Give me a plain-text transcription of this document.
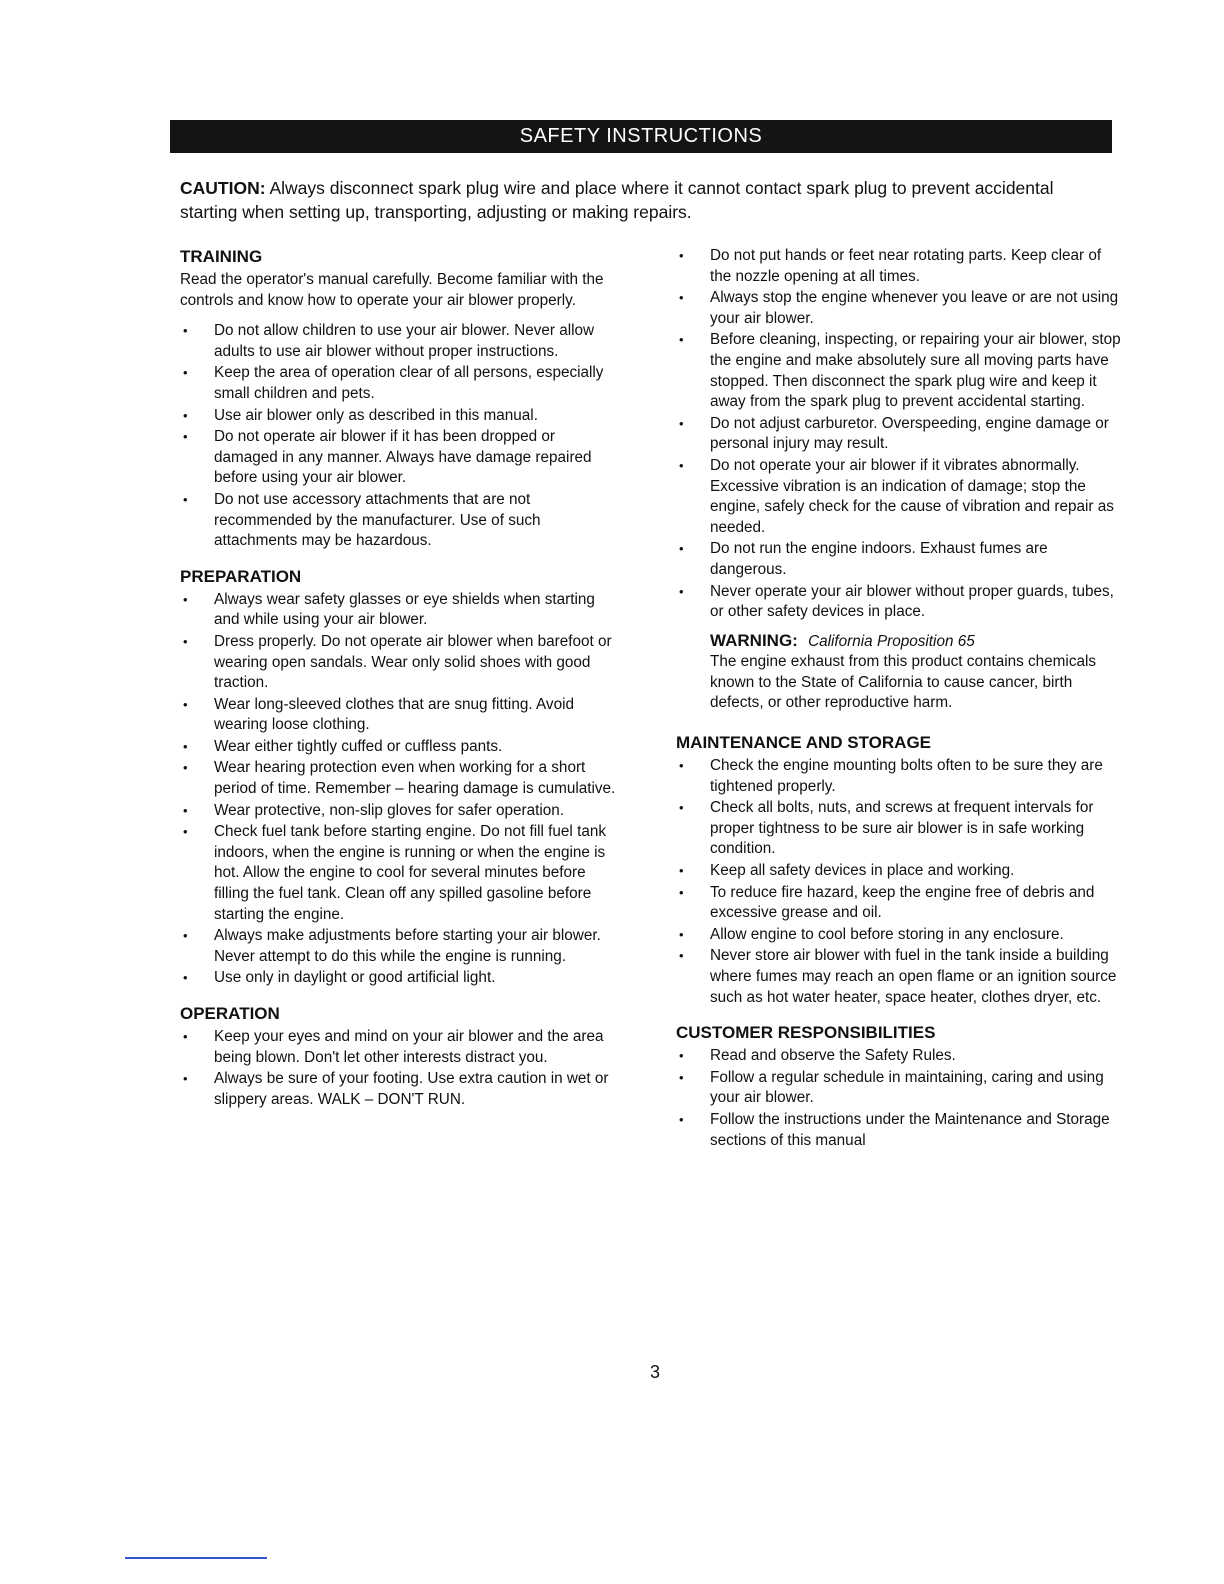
SAFETY INSTRUCTIONS
CAUTION: Always disconnect spark plug wire and place where it cannot contact spark plug to prevent accidental starting when setting up, transporting, adjusting or making repairs.
TRAINING

Read the operator's manual carefully. Become familiar with the controls and know how to operate your air blower properly.

• Do not allow children to use your air blower. Never allow adults to use air blower without proper instructions.
• Keep the area of operation clear of all persons, especially small children and pets.
• Use air blower only as described in this manual.
• Do not operate air blower if it has been dropped or damaged in any manner. Always have damage repaired before using your air blower.
• Do not use accessory attachments that are not recommended by the manufacturer. Use of such attachments may be hazardous.
PREPARATION
• Always wear safety glasses or eye shields when starting and while using your air blower.
• Dress properly. Do not operate air blower when barefoot or wearing open sandals. Wear only solid shoes with good traction.
• Wear long-sleeved clothes that are snug fitting. Avoid wearing loose clothing.
• Wear either tightly cuffed or cuffless pants.
• Wear hearing protection even when working for a short period of time. Remember – hearing damage is cumulative.
• Wear protective, non-slip gloves for safer operation.
• Check fuel tank before starting engine. Do not fill fuel tank indoors, when the engine is running or when the engine is hot. Allow the engine to cool for several minutes before filling the fuel tank. Clean off any spilled gasoline before starting the engine.
• Always make adjustments before starting your air blower. Never attempt to do this while the engine is running.
• Use only in daylight or good artificial light.
OPERATION
• Keep your eyes and mind on your air blower and the area being blown. Don't let other interests distract you.
• Always be sure of your footing. Use extra caution in wet or slippery areas. WALK – DON'T RUN.
• Do not put hands or feet near rotating parts. Keep clear of the nozzle opening at all times.
• Always stop the engine whenever you leave or are not using your air blower.
• Before cleaning, inspecting, or repairing your air blower, stop the engine and make absolutely sure all moving parts have stopped. Then disconnect the spark plug wire and keep it away from the spark plug to prevent accidental starting.
• Do not adjust carburetor. Overspeeding, engine damage or personal injury may result.
• Do not operate your air blower if it vibrates abnormally. Excessive vibration is an indication of damage; stop the engine, safely check for the cause of vibration and repair as needed.
• Do not run the engine indoors. Exhaust fumes are dangerous.
• Never operate your air blower without proper guards, tubes, or other safety devices in place.
WARNING: California Proposition 65
The engine exhaust from this product contains chemicals known to the State of California to cause cancer, birth defects, or other reproductive harm.
MAINTENANCE AND STORAGE
• Check the engine mounting bolts often to be sure they are tightened properly.
• Check all bolts, nuts, and screws at frequent intervals for proper tightness to be sure air blower is in safe working condition.
• Keep all safety devices in place and working.
• To reduce fire hazard, keep the engine free of debris and excessive grease and oil.
• Allow engine to cool before storing in any enclosure.
• Never store air blower with fuel in the tank inside a building where fumes may reach an open flame or an ignition source such as hot water heater, space heater, clothes dryer, etc.
CUSTOMER RESPONSIBILITIES
• Read and observe the Safety Rules.
• Follow a regular schedule in maintaining, caring and using your air blower.
• Follow the instructions under the Maintenance and Storage sections of this manual
3
